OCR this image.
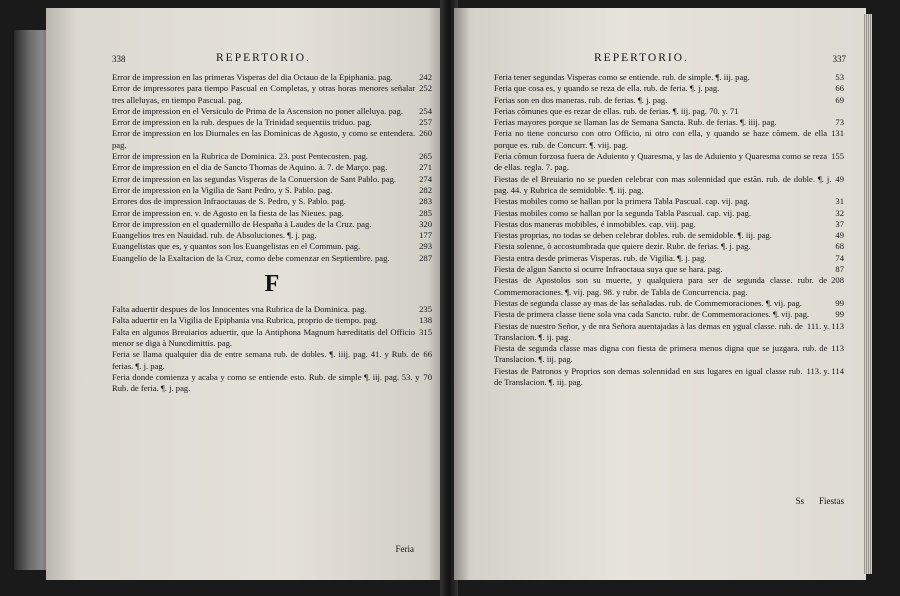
338	REPERTORIO.
242
Error de impression en las primeras Visperas del dia Octauo de la Epiphania. pag.
252
Error de impressores para tiempo Pascual en Completas, y otras horas menores señalar tres alleluyas, en tiempo Pascual. pag.
254
Error de impression en el Versiculo de Prima de la Ascension no poner alleluya. pag.
257
Error de impression en la rub. despues de la Trinidad sequentiis triduo. pag.
260
Error de impression en los Diurnales en las Dominicas de Agosto, y como se entendera. pag.
265
Error de impression en la Rubrica de Dominica. 23. post Pentecosten. pag.
271
Error de impression en el dia de Sancto Thomas de Aquino. à. 7. de Março. pag.
274
Error de impression en las segundas Visperas de la Conuersion de Sant Pablo. pag.
282
Error de impression en la Vigilia de Sant Pedro, y S. Pablo. pag.
283
Errores dos de impression Infraoctauas de S. Pedro, y S. Pablo. pag.
285
Error de impression en. v. de Agosto en la fiesta de las Nieues. pag.
320
Error de impression en el quadernillo de Hespaña à Laudes de la Cruz. pag.
177
Euangelios tres en Nauidad. rub. de Absoluciones. ¶. j. pag.
293
Euangelistas que es, y quantos son los Euangelistas en el Commun. pag.
287
Euangelio de la Exaltacion de la Cruz, como debe comenzar en Septiembre. pag.
F
235
Falta aduertir despues de los Innocentes vna Rubrica de la Dominica. pag.
138
Falta aduertir en la Vigilia de Epiphania vna Rubrica, proprio de tiempo. pag.
315
Falta en algunos Breuiarios aduertir, que la Antiphona Magnum hæreditatis del Officio menor se diga à Nuncdimittis. pag.
66
Feria se llama qualquier dia de entre semana rub. de dobles. ¶. iiij. pag. 41. y Rub. de ferias. ¶. j. pag.
70
Feria donde comienza y acaba y como se entiende esto. Rub. de simple ¶. iij. pag. 53. y Rub. de feria. ¶. j. pag.
Feria
REPERTORIO.	337
53
Feria tener segundas Visperas como se entiende. rub. de simple. ¶. iij. pag.
66
Feria que cosa es, y quando se reza de ella. rub. de feria. ¶. j. pag.
69
Ferias son en dos maneras. rub. de ferias. ¶. j. pag.
Ferias cõmunes que es rezar de ellas. rub. de ferias. ¶. iij. pag. 70. y. 71
73
Ferias mayores porque se llaman las de Semana Sancta. Rub. de ferias. ¶. iiij. pag.
131
Feria no tiene concurso con otro Officio, ni otro con ella, y quando se haze cõmem. de ella porque es. rub. de Concurr. ¶. viij. pag.
155
Feria cõmun forzosa fuera de Aduiento y Quaresma, y las de Aduiento y Quaresma como se reza de ellas. regla. 7. pag.
49
Fiestas de el Breuiario no se pueden celebrar con mas solennidad que estãn. rub. de doble. ¶. j. pag. 44. y Rubrica de semidoble. ¶. iij. pag.
31
Fiestas mobiles como se hallan por la primera Tabla Pascual. cap. vij. pag.
32
Fiestas mobiles como se hallan por la segunda Tabla Pascual. cap. vij. pag.
37
Fiestas dos maneras mobibles, é inmobibles. cap. viij. pag.
49
Fiestas proprias, no todas se deben celebrar dobles. rub. de semidoble. ¶. iij. pag.
68
Fiesta solenne, ò accostumbrada que quiere dezir. Rubr. de ferias. ¶. j. pag.
74
Fiesta entra desde primeras Visperas. rub. de Vigilia. ¶. j. pag.
87
Fiesta de algun Sancto si ocurre Infraoctaua suya que se hara. pag.
208
Fiestas de Apostolos son su muerte, y qualquiera para ser de segunda classe. rubr. de Commemoraciones. ¶. vij. pag. 98. y rubr. de Tabla de Concurrencia. pag.
99
Fiestas de segunda classe ay mas de las señaladas. rub. de Commemoraciones. ¶. vij. pag.
99
Fiesta de primera classe tiene sola vna cada Sancto. rubr. de Commemoraciones. ¶. vij. pag.
111. y. 113
Fiestas de nuestro Señor, y de nra Señora auentajadas à las demas en ygual classe. rub. de Translacion. ¶. ij. pag.
113
Fiesta de segunda classe mas digna con fiesta de primera menos digna que se juzgara. rub. de Translacion. ¶. iij. pag.
113. y. 114
Fiestas de Patronos y Proprios son demas solennidad en sus lugares en igual classe rub. de Translacion. ¶. iij. pag.
Ss Fiestas
